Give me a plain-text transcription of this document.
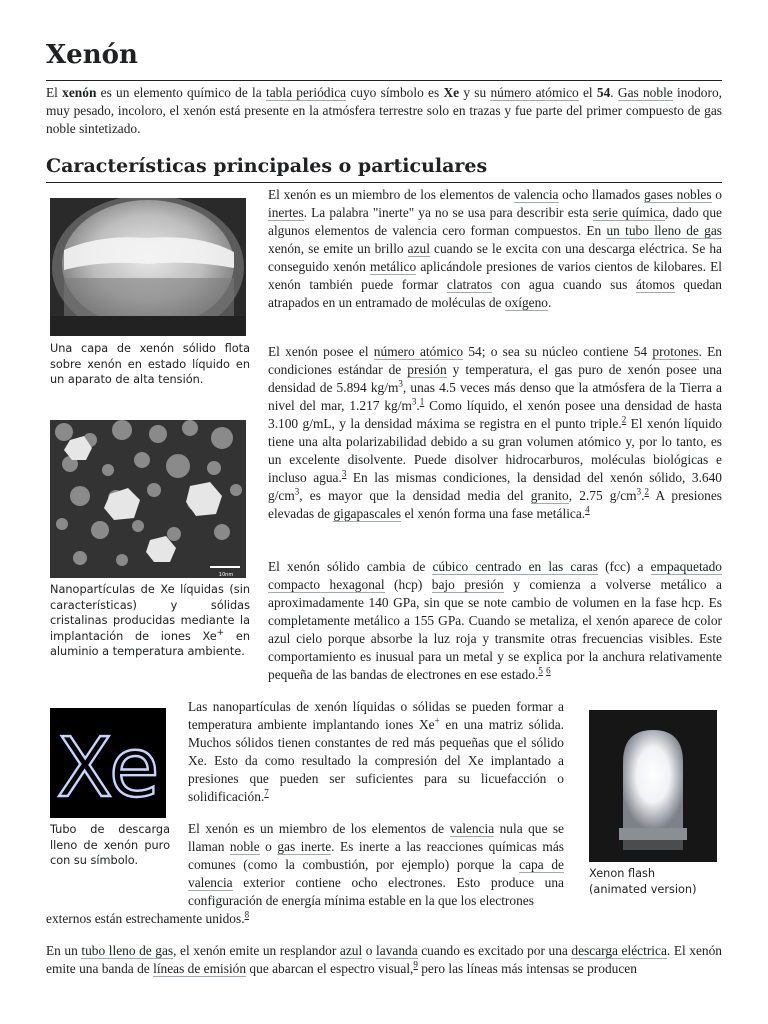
Xenón

El xenón es un elemento químico de la tabla periódica cuyo símbolo es Xe y su número atómico el 54. Gas noble inodoro, muy pesado, incoloro, el xenón está presente en la atmósfera terrestre solo en trazas y fue parte del primer compuesto de gas noble sintetizado.

Características principales o particulares

Una capa de xenón sólido flota sobre xenón en estado líquido en un aparato de alta tensión.

10nm

Nanopartículas de Xe líquidas (sin características) y sólidas cristalinas producidas mediante la implantación de iones Xe+ en aluminio a temperatura ambiente.

El xenón es un miembro de los elementos de valencia ocho llamados gases nobles o inertes. La palabra "inerte" ya no se usa para describir esta serie química, dado que algunos elementos de valencia cero forman compuestos. En un tubo lleno de gas xenón, se emite un brillo azul cuando se le excita con una descarga eléctrica. Se ha conseguido xenón metálico aplicándole presiones de varios cientos de kilobares. El xenón también puede formar clatratos con agua cuando sus átomos quedan atrapados en un entramado de moléculas de oxígeno.

El xenón posee el número atómico 54; o sea su núcleo contiene 54 protones. En condiciones estándar de presión y temperatura, el gas puro de xenón posee una densidad de 5.894 $kg/m^3$, unas 4.5 veces más denso que la atmósfera de la Tierra a nivel del mar, 1.217 $kg/m^3.^1$ Como líquido, el xenón posee una densidad de hasta 3.100 g/mL, y la densidad máxima se registra en el punto triple.$^2$ El xenón líquido tiene una alta polarizabilidad debido a su gran volumen atómico y, por lo tanto, es un excelente disolvente. Puede disolver hidrocarburos, moléculas biológicas e incluso agua.$^3$ En las mismas condiciones, la densidad del xenón sólido, 3.640 $g/cm^3$, es mayor que la densidad media del granito, 2.75 $g/cm^3.^2$ A presiones elevadas de gigapascales el xenón forma una fase metálica.$^4$

El xenón sólido cambia de cúbico centrado en las caras (fcc) a empaquetado compacto hexagonal (hcp) bajo presión y comienza a volverse metálico a aproximadamente 140 GPa, sin que se note cambio de volumen en la fase hcp. Es completamente metálico a 155 GPa. Cuando se metaliza, el xenón aparece de color azul cielo porque absorbe la luz roja y transmite otras frecuencias visibles. Este comportamiento es inusual para un metal y se explica por la anchura relativamente pequeña de las bandas de electrones en ese estado.$^5$ $^6$

Xe

Tubo de descarga lleno de xenón puro con su símbolo.

Xenon flash
(animated version)

Las nanopartículas de xenón líquidas o sólidas se pueden formar a temperatura ambiente implantando iones Xe+ en una matriz sólida. Muchos sólidos tienen constantes de red más pequeñas que el sólido Xe. Esto da como resultado la compresión del Xe implantado a presiones que pueden ser suficientes para su licuefacción o solidificación.$^7$

El xenón es un miembro de los elementos de valencia nula que se llaman noble o gas inerte. Es inerte a las reacciones químicas más comunes (como la combustión, por ejemplo) porque la capa de valencia exterior contiene ocho electrones. Esto produce una configuración de energía mínima estable en la que los electrones

externos están estrechamente unidos.$^8$

En un tubo lleno de gas, el xenón emite un resplandor azul o lavanda cuando es excitado por una descarga eléctrica. El xenón emite una banda de líneas de emisión que abarcan el espectro visual,$^9$ pero las líneas más intensas se producen
